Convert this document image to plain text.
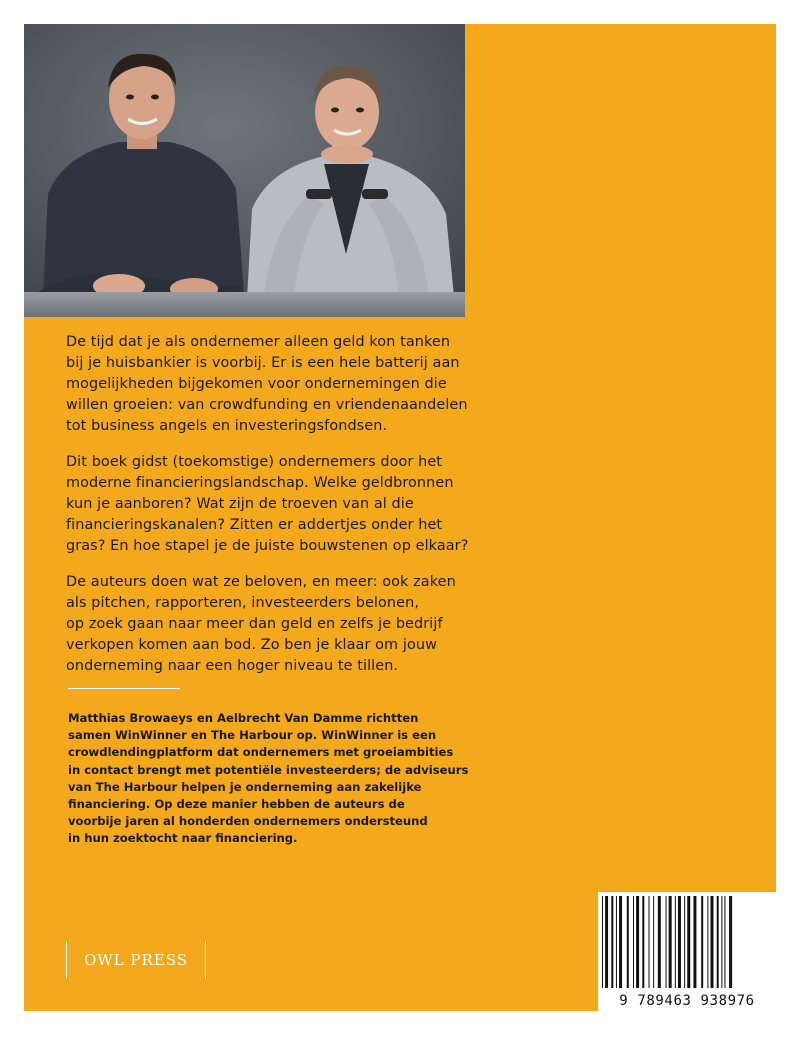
De tijd dat je als ondernemer alleen geld kon tanken
bij je huisbankier is voorbij. Er is een hele batterij aan
mogelijkheden bijgekomen voor ondernemingen die
willen groeien: van crowdfunding en vriendenaandelen
tot business angels en investeringsfondsen.

Dit boek gidst (toekomstige) ondernemers door het
moderne financieringslandschap. Welke geldbronnen
kun je aanboren? Wat zijn de troeven van al die
financieringskanalen? Zitten er addertjes onder het
gras? En hoe stapel je de juiste bouwstenen op elkaar?

De auteurs doen wat ze beloven, en meer: ook zaken
als pitchen, rapporteren, investeerders belonen,
op zoek gaan naar meer dan geld en zelfs je bedrijf
verkopen komen aan bod. Zo ben je klaar om jouw
onderneming naar een hoger niveau te tillen.

Matthias Browaeys en Aelbrecht Van Damme richtten
samen WinWinner en The Harbour op. WinWinner is een
crowdlendingplatform dat ondernemers met groeiambities
in contact brengt met potentiële investeerders; de adviseurs
van The Harbour helpen je onderneming aan zakelijke
financiering. Op deze manier hebben de auteurs de
voorbije jaren al honderden ondernemers ondersteund
in hun zoektocht naar financiering.

OWL PRESS
9 789463 938976
